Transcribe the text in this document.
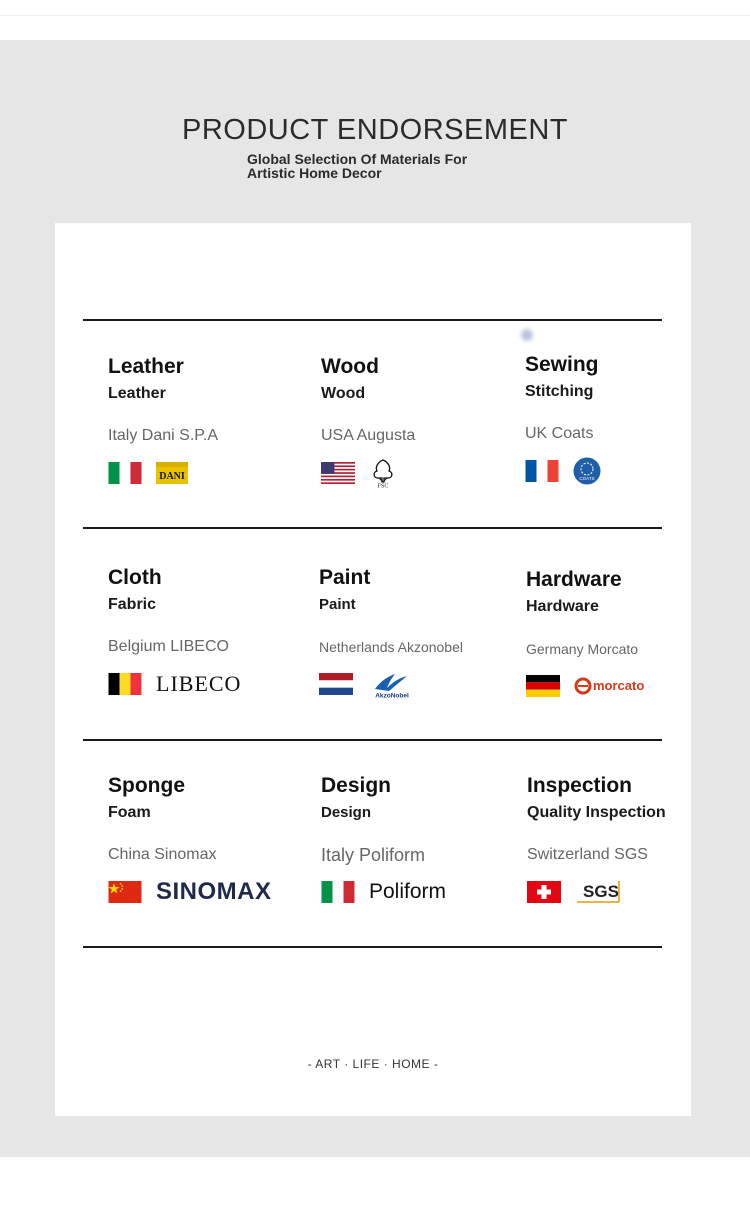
PRODUCT ENDORSEMENT
Global Selection Of Materials For
Artistic Home Decor
Leather
Leather
Italy Dani S.P.A
DANI
Wood
Wood
USA Augusta
FSC
Sewing
Stitching
UK Coats
COATS
Cloth
Fabric
Belgium LIBECO
LIBECO
Paint
Paint
Netherlands Akzonobel
AkzoNobel
Hardware
Hardware
Germany Morcato
morcato
Sponge
Foam
China Sinomax
SINOMAX
Design
Design
Italy Poliform
Poliform
Inspection
Quality Inspection
Switzerland SGS
SGS
- ART · LIFE · HOME -
